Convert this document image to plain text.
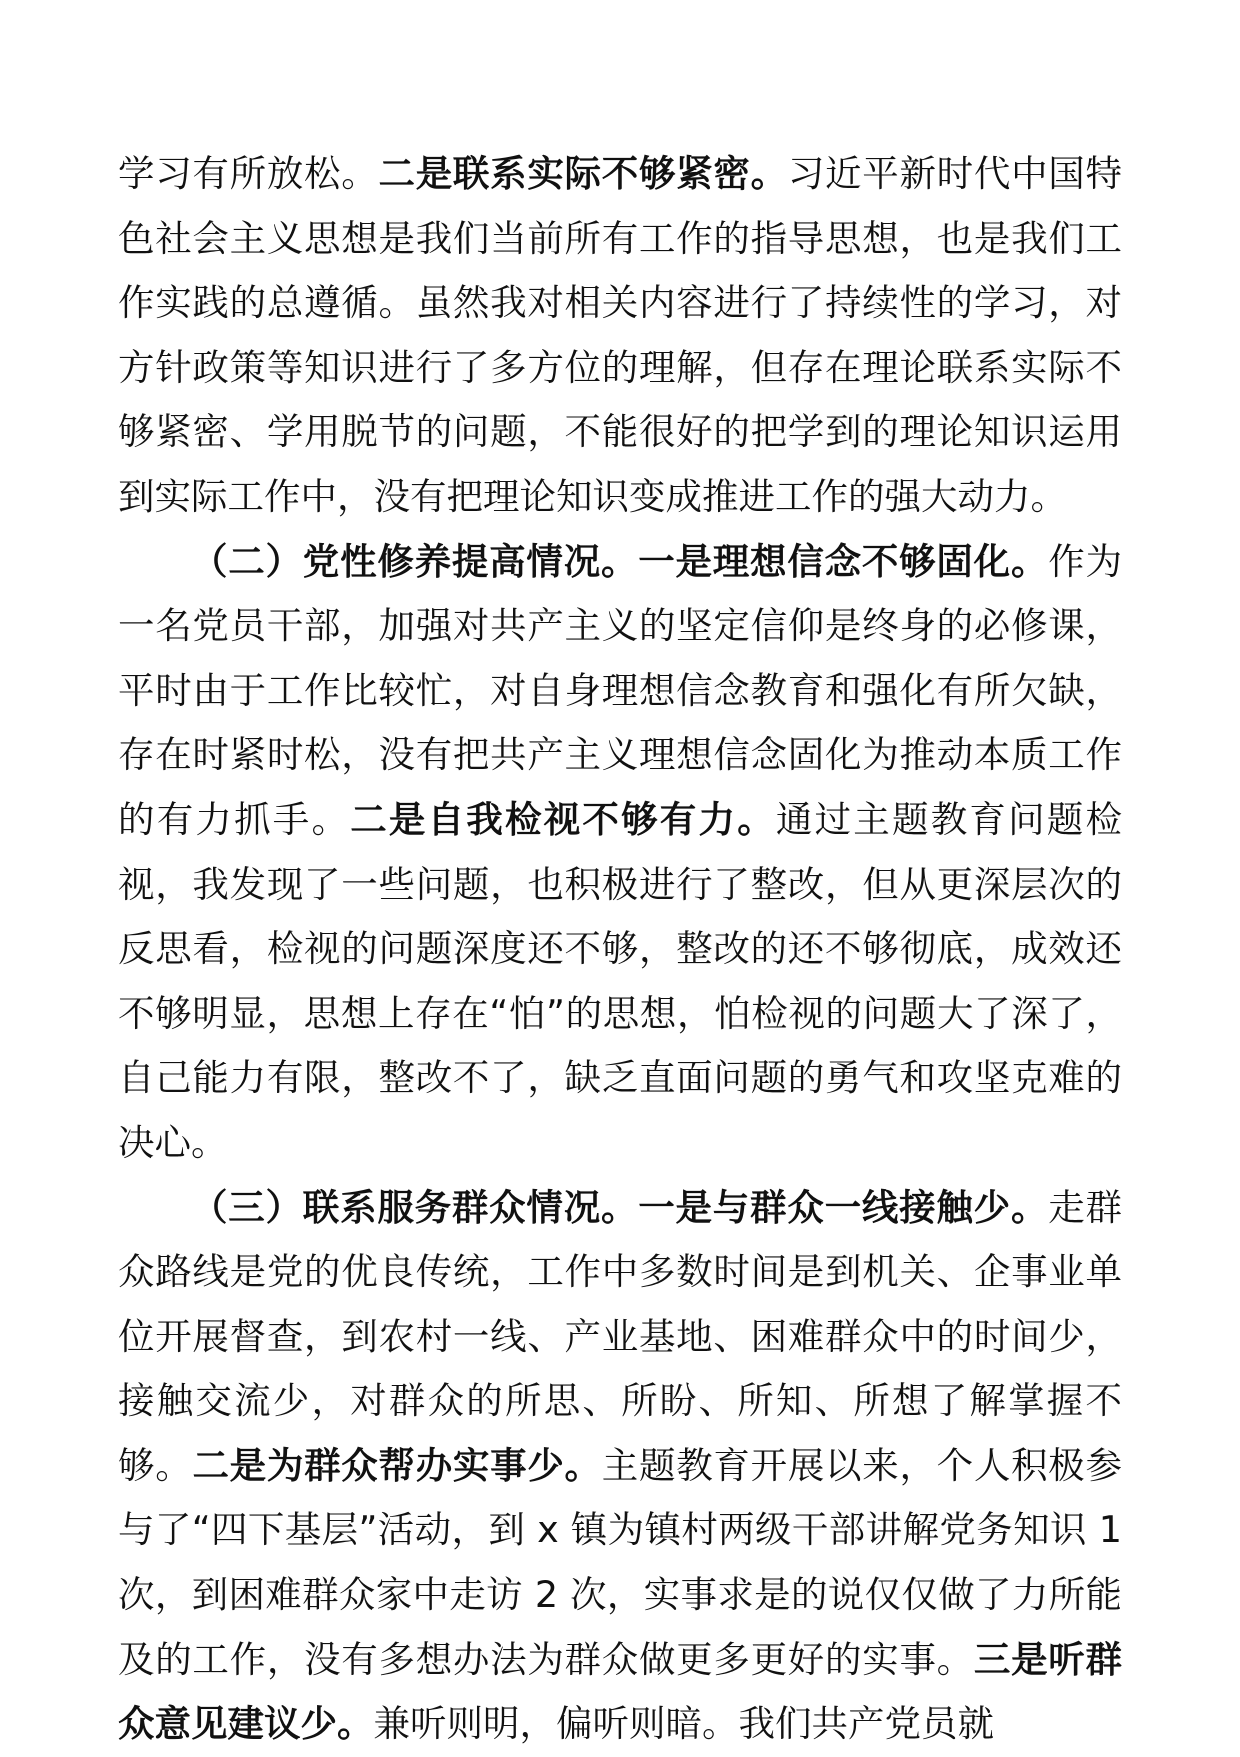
学习有所放松。二是联系实际不够紧密。习近平新时代中国特色社会主义思想是我们当前所有工作的指导思想，也是我们工作实践的总遵循。虽然我对相关内容进行了持续性的学习，对方针政策等知识进行了多方位的理解，但存在理论联系实际不够紧密、学用脱节的问题，不能很好的把学到的理论知识运用到实际工作中，没有把理论知识变成推进工作的强大动力。

（二）党性修养提高情况。一是理想信念不够固化。作为一名党员干部，加强对共产主义的坚定信仰是终身的必修课，平时由于工作比较忙，对自身理想信念教育和强化有所欠缺，存在时紧时松，没有把共产主义理想信念固化为推动本质工作的有力抓手。二是自我检视不够有力。通过主题教育问题检视，我发现了一些问题，也积极进行了整改，但从更深层次的反思看，检视的问题深度还不够，整改的还不够彻底，成效还不够明显，思想上存在“怕”的思想，怕检视的问题大了深了，自己能力有限，整改不了，缺乏直面问题的勇气和攻坚克难的决心。

（三）联系服务群众情况。一是与群众一线接触少。走群众路线是党的优良传统，工作中多数时间是到机关、企事业单位开展督查，到农村一线、产业基地、困难群众中的时间少，接触交流少，对群众的所思、所盼、所知、所想了解掌握不够。二是为群众帮办实事少。主题教育开展以来，个人积极参与了“四下基层”活动，到 x 镇为镇村两级干部讲解党务知识 1 次，到困难群众家中走访 2 次，实事求是的说仅仅做了力所能及的工作，没有多想办法为群众做更多更好的实事。三是听群众意见建议少。兼听则明，偏听则暗。我们共产党员就
